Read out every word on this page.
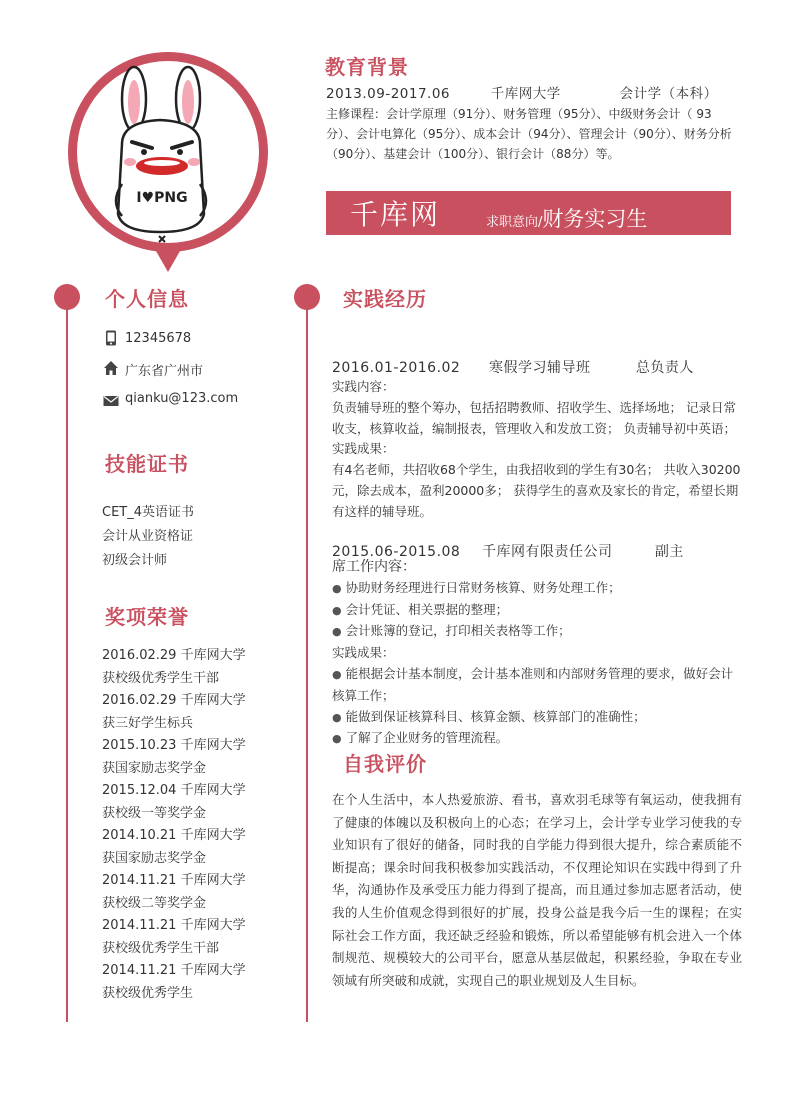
I♥PNG
教育背景
2013.09-2017.06	千库网大学	会计学（本科）
主修课程：会计学原理（91分）、财务管理（95分）、中级财务会计（ 93分）、会计电算化（95分）、成本会计（94分）、管理会计（90分）、财务分析（90分）、基建会计（100分）、银行会计（88分）等。
千库网	求职意向/财务实习生
个人信息
12345678
广东省广州市
qianku@123.com
技能证书
CET_4英语证书
会计从业资格证
初级会计师
奖项荣誉
2016.02.29 千库网大学
获校级优秀学生干部
2016.02.29 千库网大学
获三好学生标兵
2015.10.23 千库网大学
获国家励志奖学金
2015.12.04 千库网大学
获校级一等奖学金
2014.10.21 千库网大学
获国家励志奖学金
2014.11.21 千库网大学
获校级二等奖学金
2014.11.21 千库网大学
获校级优秀学生干部
2014.11.21 千库网大学
获校级优秀学生
实践经历
2016.01-2016.02 寒假学习辅导班	总负责人
实践内容：
负责辅导班的整个筹办，包括招聘教师、招收学生、选择场地； 记录日常收支，核算收益，编制报表，管理收入和发放工资； 负责辅导初中英语；
实践成果：
有4名老师，共招收68个学生，由我招收到的学生有30名； 共收入30200元，除去成本，盈利20000多； 获得学生的喜欢及家长的肯定，希望长期有这样的辅导班。
2015.06-2015.08 千库网有限责任公司	副主
席工作内容：
● 协助财务经理进行日常财务核算、财务处理工作；
● 会计凭证、相关票据的整理；
● 会计账簿的登记，打印相关表格等工作；
实践成果：
● 能根据会计基本制度，会计基本准则和内部财务管理的要求，做好会计核算工作；
● 能做到保证核算科目、核算金额、核算部门的准确性；
● 了解了企业财务的管理流程。
自我评价
在个人生活中，本人热爱旅游、看书，喜欢羽毛球等有氧运动，使我拥有了健康的体魄以及积极向上的心态；在学习上，会计学专业学习使我的专业知识有了很好的储备，同时我的自学能力得到很大提升，综合素质能不断提高；课余时间我积极参加实践活动，不仅理论知识在实践中得到了升华，沟通协作及承受压力能力得到了提高，而且通过参加志愿者活动，使我的人生价值观念得到很好的扩展，投身公益是我今后一生的课程；在实际社会工作方面，我还缺乏经验和锻炼，所以希望能够有机会进入一个体制规范、规模较大的公司平台，愿意从基层做起，积累经验，争取在专业领域有所突破和成就，实现自己的职业规划及人生目标。
